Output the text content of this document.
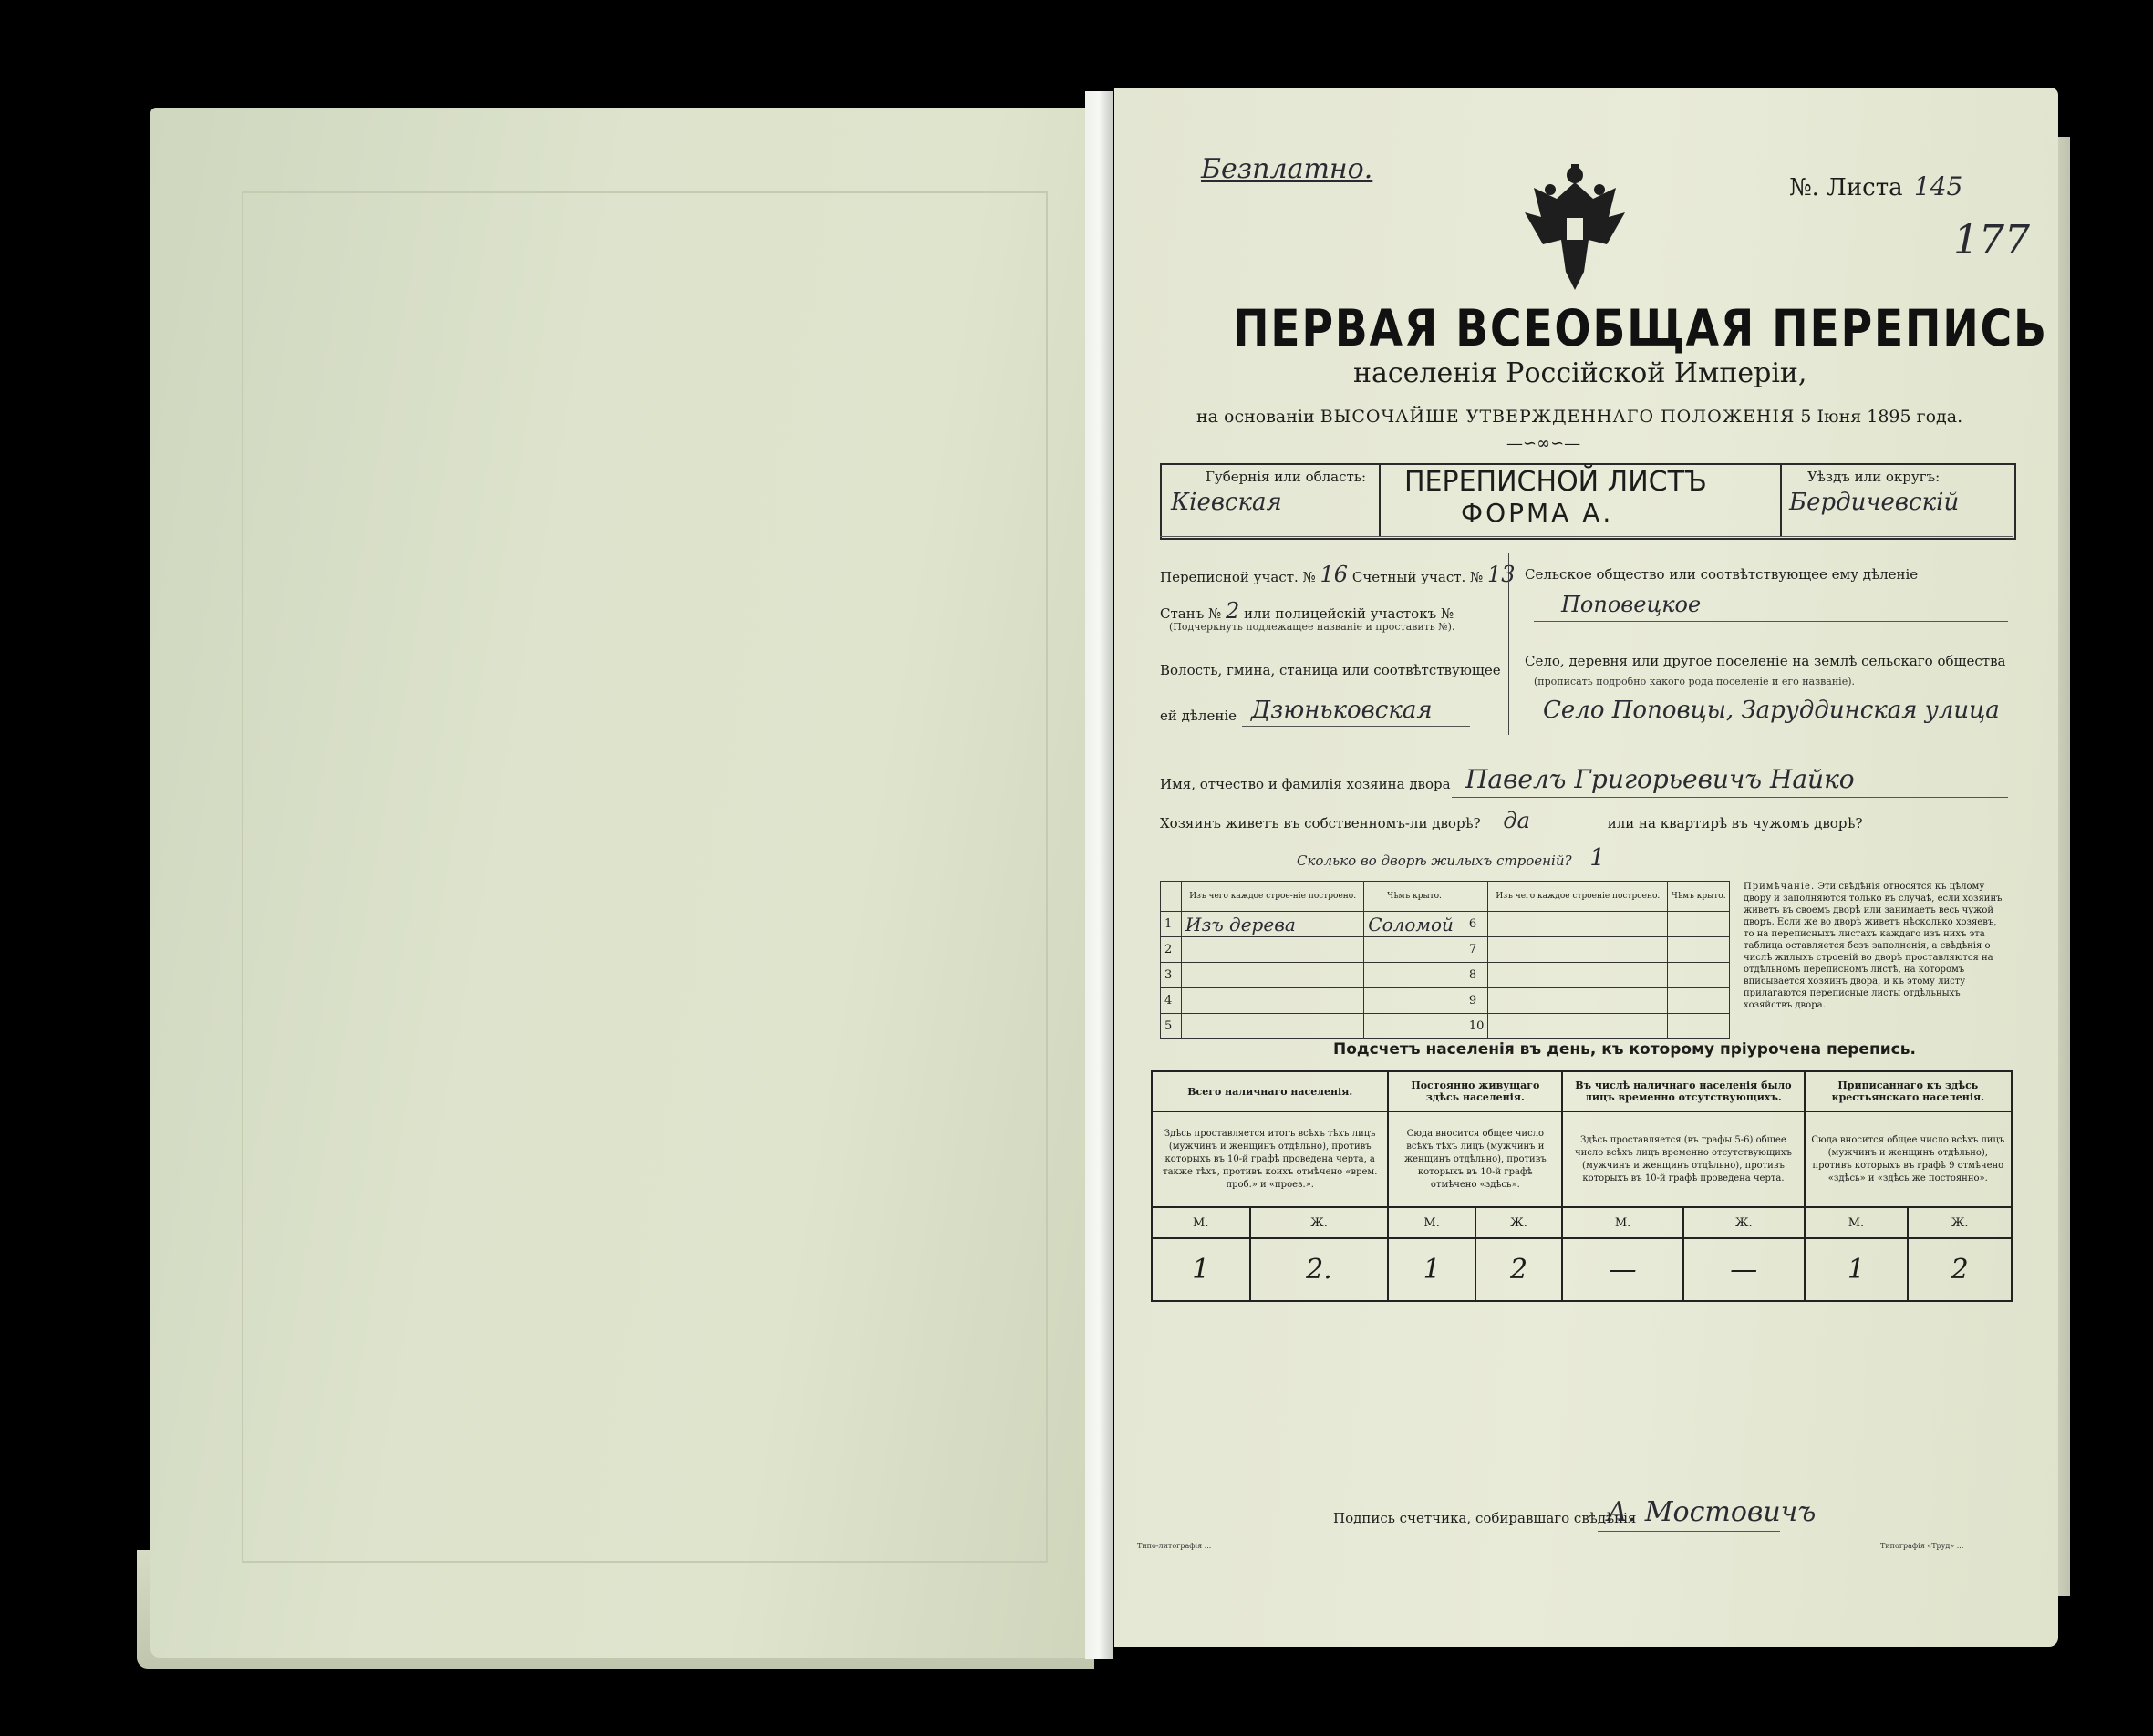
Безплатно.
№. Листа 145
177
ПЕРВАЯ ВСЕОБЩАЯ ПЕРЕПИСЬ
населенія Россійской Имперіи,
на основаніи ВЫСОЧАЙШЕ УТВЕРЖДЕННАГО ПОЛОЖЕНІЯ 5 Іюня 1895 года.
—∽∞∽—
Губернія или область:
Кiевская
ПЕРЕПИСНОЙ ЛИСТЪ
ФОРМА А.
Уѣздъ или округъ:
Бердичевскiй
Переписной участ. № 16 Счетный участ. № 13
Станъ № 2 или полицейскій участокъ №
(Подчеркнуть подлежащее названіе и проставить №).
Волость, гмина, станица или соотвѣтствующее
ей дѣленіе Дзюньковская
Сельское общество или соотвѣтствующее ему дѣленіе
Поповецкое
Село, деревня или другое поселеніе на землѣ сельскаго общества
(прописать подробно какого рода поселеніе и его названіе).
Село Поповцы, Заруддинская улица
Имя, отчество и фамилія хозяина двора Павелъ Григорьевичъ Найко
Хозяинъ живетъ въ собственномъ-ли дворѣ? да	или на квартирѣ въ чужомъ дворѣ?
Сколько во дворѣ жилыхъ строеній? 1
	Изъ чего каждое строе-ніе построено.	Чѣмъ крыто.		Изъ чего каждое строеніе построено.	Чѣмъ крыто.
1	Изъ дерева	Соломой	6		
2			7		
3			8		
4			9		
5			10		
Примѣчаніе. Эти свѣдѣнія относятся къ цѣлому двору и заполняются только въ случаѣ, если хозяинъ живетъ въ своемъ дворѣ или занимаетъ весь чужой дворъ. Если же во дворѣ живетъ нѣсколько хозяевъ, то на переписныхъ листахъ каждаго изъ нихъ эта таблица оставляется безъ заполненія, а свѣдѣнія о числѣ жилыхъ строеній во дворѣ проставляются на отдѣльномъ переписномъ листѣ, на которомъ вписывается хозяинъ двора, и къ этому листу прилагаются переписные листы отдѣльныхъ хозяйствъ двора.
Подсчетъ населенія въ день, къ которому пріурочена перепись.
Всего наличнаго населенія.		Постоянно живущаго здѣсь населенія.		Въ числѣ наличнаго населенія было лицъ временно отсутствующихъ.		Приписаннаго къ здѣсь крестьянскаго населенія.	
Здѣсь проставляется итогъ всѣхъ тѣхъ лицъ (мужчинъ и женщинъ отдѣльно), противъ которыхъ въ 10-й графѣ проведена черта, а также тѣхъ, противъ коихъ отмѣчено «врем. проб.» и «проез.».		Сюда вносится общее число всѣхъ тѣхъ лицъ (мужчинъ и женщинъ отдѣльно), противъ которыхъ въ 10-й графѣ отмѣчено «здѣсь».		Здѣсь проставляется (въ графы 5-6) общее число всѣхъ лицъ временно отсутствующихъ (мужчинъ и женщинъ отдѣльно), противъ которыхъ въ 10-й графѣ проведена черта.		Сюда вносится общее число всѣхъ лицъ (мужчинъ и женщинъ отдѣльно), противъ которыхъ въ графѣ 9 отмѣчено «здѣсь» и «здѣсь же постоянно».	
М.	Ж.	М.	Ж.	М.	Ж.	М.	Ж.
1	2.	1	2	—	—	1	2
Подпись счетчика, собиравшаго свѣдѣнія
А. Мостовичъ
Типо-литографія ...	Типографія «Труд» ...
